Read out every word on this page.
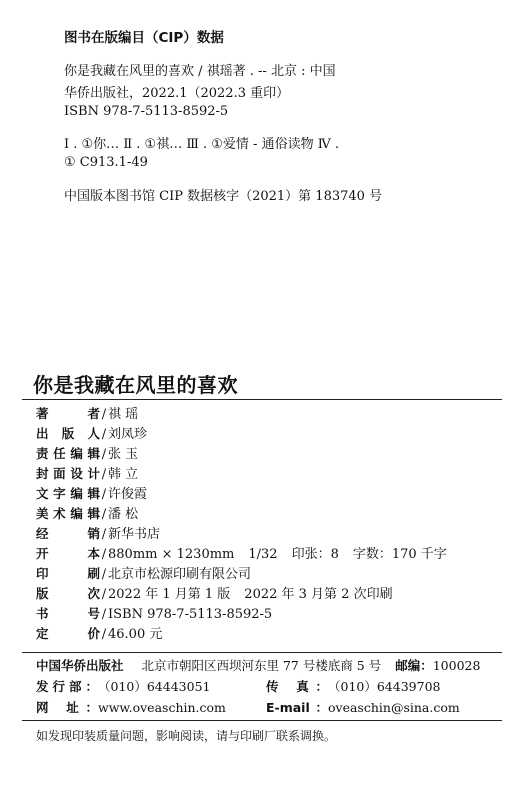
图书在版编目（CIP）数据
你是我藏在风里的喜欢 / 祺瑶著 . -- 北京 : 中国
华侨出版社，2022.1（2022.3 重印）
ISBN 978-7-5113-8592-5
Ⅰ . ①你… Ⅱ . ①祺… Ⅲ . ①爱情 - 通俗读物 Ⅳ .
① C913.1-49
中国版本图书馆 CIP 数据核字（2021）第 183740 号
你是我藏在风里的喜欢
著者 / 祺 瑶
出版人 / 刘凤珍
责任编辑 / 张 玉
封面设计 / 韩 立
文字编辑 / 许俊霞
美术编辑 / 潘 松
经销 / 新华书店
开本 / 880mm × 1230mm 1/32 印张：8 字数：170 千字
印刷 / 北京市松源印刷有限公司
版次 / 2022 年 1 月第 1 版 2022 年 3 月第 2 次印刷
书号 / ISBN 978-7-5113-8592-5
定价 / 46.00 元
中国华侨出版社 北京市朝阳区西坝河东里 77 号楼底商 5 号 邮编：100028
发行部：（010）64443051	传 真：（010）64439708
网 址：www.oveaschin.com	E-mail：oveaschin@sina.com
如发现印装质量问题，影响阅读，请与印刷厂联系调换。
